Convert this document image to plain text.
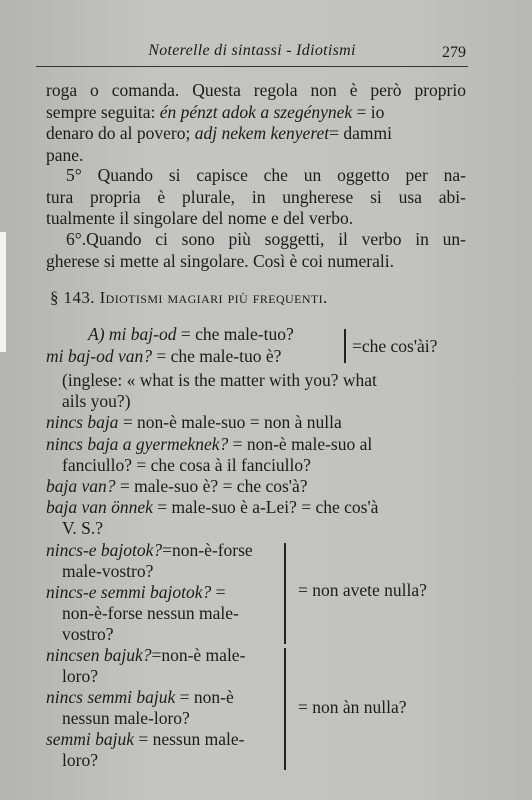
Noterelle di sintassi - Idiotismi	279
roga o comanda. Questa regola non è però proprio
sempre seguita: én pénzt adok a szegénynek = io
denaro do al povero; adj nekem kenyeret= dammi
pane.
5° Quando si capisce che un oggetto per na-
tura propria è plurale, in ungherese si usa abi-
tualmente il singolare del nome e del verbo.
6°.Quando ci sono più soggetti, il verbo in un-
gherese si mette al singolare. Così è coi numerali.
§ 143. Idiotismi magiari più frequenti.
A) mi baj-od = che male-tuo?
mi baj-od van? = che male-tuo è?	=che cos'ài?
(inglese: « what is the matter with you? what
ails you?)
nincs baja = non-è male-suo = non à nulla
nincs baja a gyermeknek? = non-è male-suo al
fanciullo? = che cosa à il fanciullo?
baja van? = male-suo è? = che cos'à?
baja van önnek = male-suo è a-Lei? = che cos'à
V. S.?
nincs-e bajotok?=non-è-forse
male-vostro?
nincs-e semmi bajotok? =
non-è-forse nessun male-
vostro?
= non avete nulla?
nincsen bajuk?=non-è male-
loro?
nincs semmi bajuk = non-è
nessun male-loro?
semmi bajuk = nessun male-
loro?
= non àn nulla?
